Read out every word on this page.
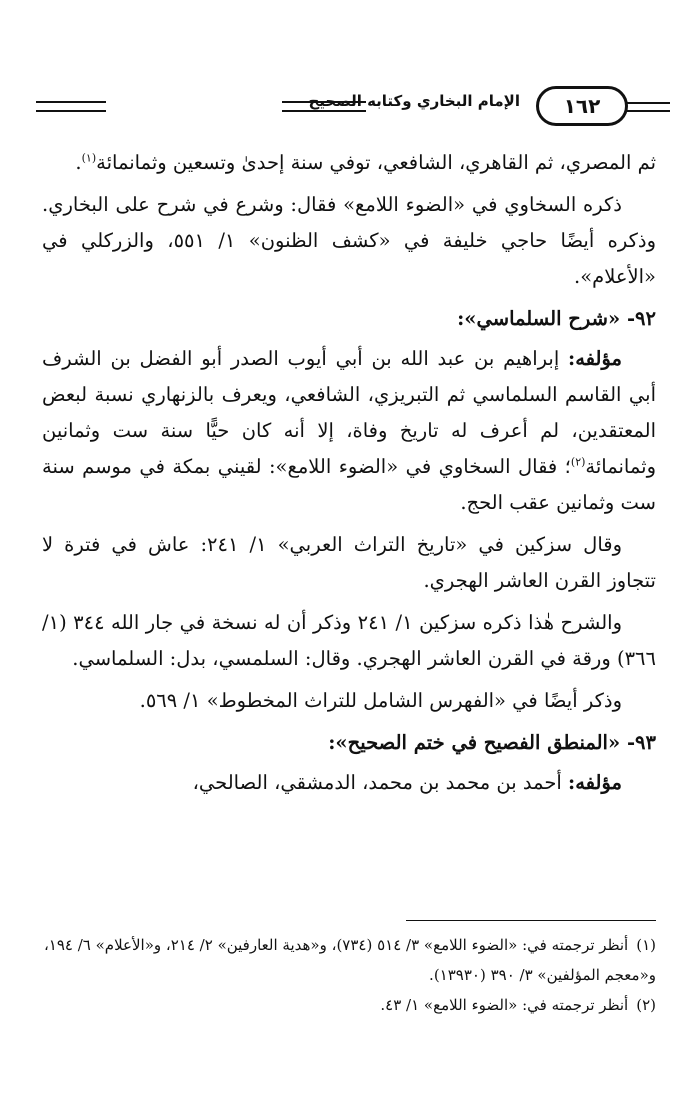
الإمام البخاري وكتابه الصحيح ١٦٢

ثم المصري، ثم القاهري، الشافعي، توفي سنة إحدىٰ وتسعين وثمانمائة$^{(١)}$.

ذكره السخاوي في «الضوء اللامع» فقال: وشرع في شرح على البخاري. وذكره أيضًا حاجي خليفة في «كشف الظنون» ١/ ٥٥١، والزركلي في «الأعلام».

٩٢- «شرح السلماسي»:

مؤلفه: إبراهيم بن عبد الله بن أبي أيوب الصدر أبو الفضل بن الشرف أبي القاسم السلماسي ثم التبريزي، الشافعي، ويعرف بالزنهاري نسبة لبعض المعتقدين، لم أعرف له تاريخ وفاة، إلا أنه كان حيًّا سنة ست وثمانين وثمانمائة$^{(٢)}$؛ فقال السخاوي في «الضوء اللامع»: لقيني بمكة في موسم سنة ست وثمانين عقب الحج.

وقال سزكين في «تاريخ التراث العربي» ١/ ٢٤١: عاش في فترة لا تتجاوز القرن العاشر الهجري.

والشرح هٰذا ذكره سزكين ١/ ٢٤١ وذكر أن له نسخة في جار الله ٣٤٤ (١/ ٣٦٦) ورقة في القرن العاشر الهجري. وقال: السلمسي، بدل: السلماسي.

وذكر أيضًا في «الفهرس الشامل للتراث المخطوط» ١/ ٥٦٩.

٩٣- «المنطق الفصيح في ختم الصحيح»:

مؤلفه: أحمد بن محمد بن محمد، الدمشقي، الصالحي،

(١)أنظر ترجمته في: «الضوء اللامع» ٣/ ٥١٤ (٧٣٤)، و«هدية العارفين» ٢/ ٢١٤، و«الأعلام» ٦/ ١٩٤، و«معجم المؤلفين» ٣/ ٣٩٠ (١٣٩٣٠).

(٢)أنظر ترجمته في: «الضوء اللامع» ١/ ٤٣.
